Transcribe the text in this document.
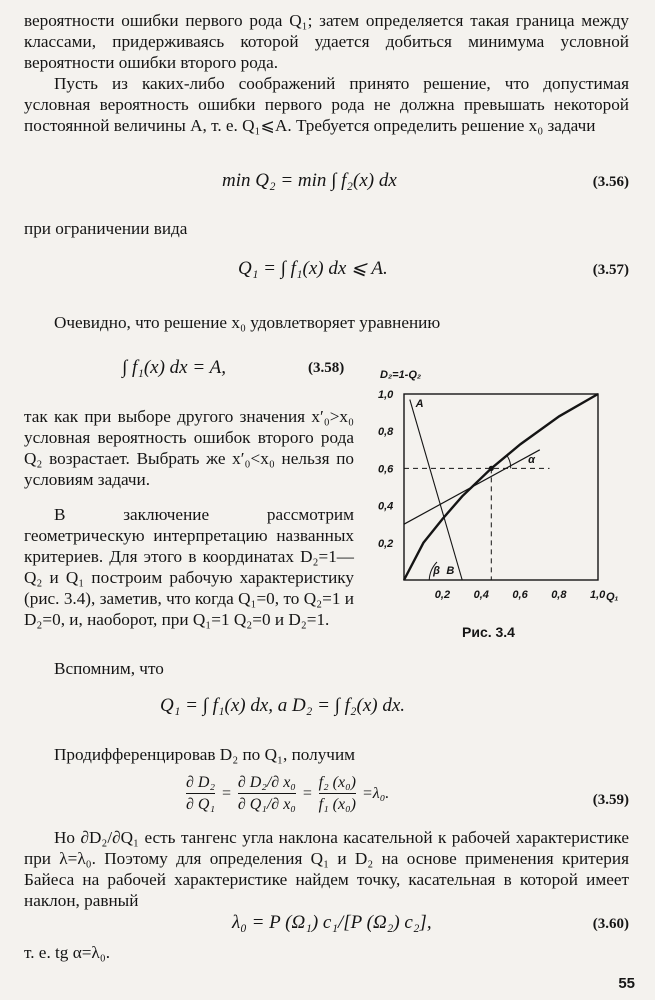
вероятности ошибки первого рода Q₁; затем определяется такая граница между классами, придерживаясь которой удается добиться минимума условной вероятности ошибки второго рода.

Пусть из каких-либо соображений принято решение, что допустимая условная вероятность ошибки первого рода не должна превышать некоторой постоянной величины A, т. е. Q₁⩽A. Требуется определить решение x₀ задачи

min Q₂ = min ∫ f₂(x) dx	(3.56)

при ограничении вида

Q₁ = ∫ f₁(x) dx ⩽ A.	(3.57)

Очевидно, что решение x₀ удовлетворяет уравнению

∫ f₁(x) dx = A,	(3.58)

так как при выборе другого значения x′₀>x₀ условная вероятность ошибок второго рода Q₂ возрастает. Выбрать же x′₀<x₀ нельзя по условиям задачи.

В заключение рассмотрим геометрическую интерпретацию названных критериев. Для этого в координатах D₂=1—Q₂ и Q₁ построим рабочую характеристику (рис. 3.4), заметив, что когда Q₁=0, то Q₂=1 и D₂=0, и, наоборот, при Q₁=1 Q₂=0 и D₂=1.

Вспомним, что

0,2 0,4 0,6 0,8 1,0
0,2
0,4
0,6
0,8
1,0
D₂=1-Q₂
Q₁
A
B
α
β
Рис. 3.4
Q₁ = ∫ f₁(x) dx, а D₂ = ∫ f₂(x) dx.

Продифференцировав D₂ по Q₁, получим

∂ D₂
∂ Q₁
=
∂ D₂/∂ x₀
∂ Q₁/∂ x₀
=
f₂ (x₀)
f₁ (x₀)
=λ₀.	(3.59)

Но ∂D₂/∂Q₁ есть тангенс угла наклона касательной к рабочей характеристике при λ=λ₀. Поэтому для определения Q₁ и D₂ на основе применения критерия Байеса на рабочей характеристике найдем точку, касательная в которой имеет наклон, равный

λ₀ = P (Ω₁) c₁/[P (Ω₂) c₂],	(3.60)

т. е. tg α=λ₀.

55
